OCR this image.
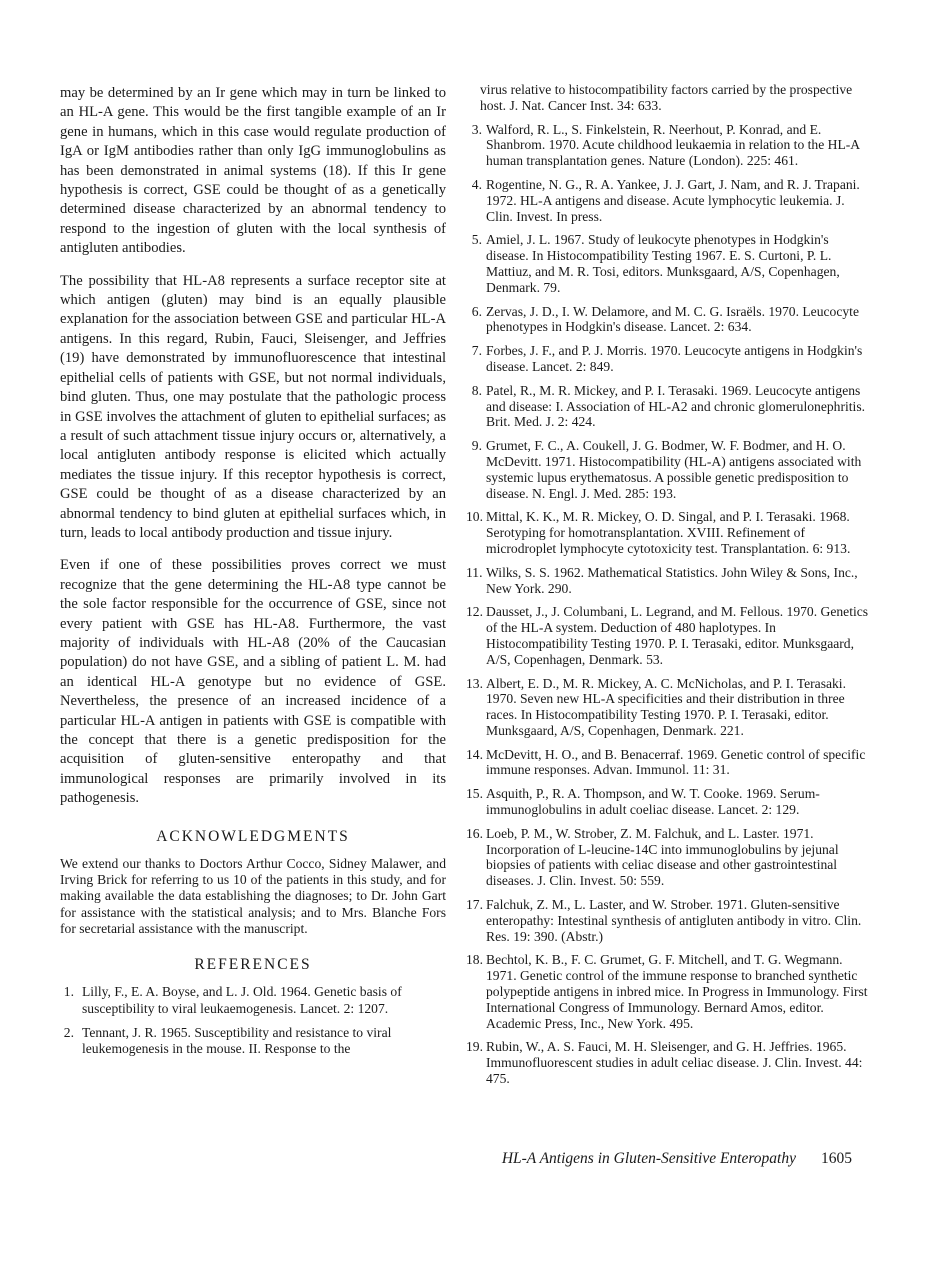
may be determined by an Ir gene which may in turn be linked to an HL-A gene. This would be the first tangible example of an Ir gene in humans, which in this case would regulate production of IgA or IgM antibodies rather than only IgG immunoglobulins as has been demonstrated in animal systems (18). If this Ir gene hypothesis is correct, GSE could be thought of as a genetically determined disease characterized by an abnormal tendency to respond to the ingestion of gluten with the local synthesis of antigluten antibodies.

The possibility that HL-A8 represents a surface receptor site at which antigen (gluten) may bind is an equally plausible explanation for the association between GSE and particular HL-A antigens. In this regard, Rubin, Fauci, Sleisenger, and Jeffries (19) have demonstrated by immunofluorescence that intestinal epithelial cells of patients with GSE, but not normal individuals, bind gluten. Thus, one may postulate that the pathologic process in GSE involves the attachment of gluten to epithelial surfaces; as a result of such attachment tissue injury occurs or, alternatively, a local antigluten antibody response is elicited which actually mediates the tissue injury. If this receptor hypothesis is correct, GSE could be thought of as a disease characterized by an abnormal tendency to bind gluten at epithelial surfaces which, in turn, leads to local antibody production and tissue injury.

Even if one of these possibilities proves correct we must recognize that the gene determining the HL-A8 type cannot be the sole factor responsible for the occurrence of GSE, since not every patient with GSE has HL-A8. Furthermore, the vast majority of individuals with HL-A8 (20% of the Caucasian population) do not have GSE, and a sibling of patient L. M. had an identical HL-A genotype but no evidence of GSE. Nevertheless, the presence of an increased incidence of a particular HL-A antigen in patients with GSE is compatible with the concept that there is a genetic predisposition for the acquisition of gluten-sensitive enteropathy and that immunological responses are primarily involved in its pathogenesis.

ACKNOWLEDGMENTS

We extend our thanks to Doctors Arthur Cocco, Sidney Malawer, and Irving Brick for referring to us 10 of the patients in this study, and for making available the data establishing the diagnoses; to Dr. John Gart for assistance with the statistical analysis; and to Mrs. Blanche Fors for secretarial assistance with the manuscript.

REFERENCES
1. Lilly, F., E. A. Boyse, and L. J. Old. 1964. Genetic basis of susceptibility to viral leukaemogenesis. Lancet. 2: 1207.
2. Tennant, J. R. 1965. Susceptibility and resistance to viral leukemogenesis in the mouse. II. Response to the

virus relative to histocompatibility factors carried by the prospective host. J. Nat. Cancer Inst. 34: 633.

3. Walford, R. L., S. Finkelstein, R. Neerhout, P. Konrad, and E. Shanbrom. 1970. Acute childhood leukaemia in relation to the HL-A human transplantation genes. Nature (London). 225: 461.
4. Rogentine, N. G., R. A. Yankee, J. J. Gart, J. Nam, and R. J. Trapani. 1972. HL-A antigens and disease. Acute lymphocytic leukemia. J. Clin. Invest. In press.
5. Amiel, J. L. 1967. Study of leukocyte phenotypes in Hodgkin's disease. In Histocompatibility Testing 1967. E. S. Curtoni, P. L. Mattiuz, and M. R. Tosi, editors. Munksgaard, A/S, Copenhagen, Denmark. 79.
6. Zervas, J. D., I. W. Delamore, and M. C. G. Israëls. 1970. Leucocyte phenotypes in Hodgkin's disease. Lancet. 2: 634.
7. Forbes, J. F., and P. J. Morris. 1970. Leucocyte antigens in Hodgkin's disease. Lancet. 2: 849.
8. Patel, R., M. R. Mickey, and P. I. Terasaki. 1969. Leucocyte antigens and disease: I. Association of HL-A2 and chronic glomerulonephritis. Brit. Med. J. 2: 424.
9. Grumet, F. C., A. Coukell, J. G. Bodmer, W. F. Bodmer, and H. O. McDevitt. 1971. Histocompatibility (HL-A) antigens associated with systemic lupus erythematosus. A possible genetic predisposition to disease. N. Engl. J. Med. 285: 193.
10. Mittal, K. K., M. R. Mickey, O. D. Singal, and P. I. Terasaki. 1968. Serotyping for homotransplantation. XVIII. Refinement of microdroplet lymphocyte cytotoxicity test. Transplantation. 6: 913.
11. Wilks, S. S. 1962. Mathematical Statistics. John Wiley & Sons, Inc., New York. 290.
12. Dausset, J., J. Columbani, L. Legrand, and M. Fellous. 1970. Genetics of the HL-A system. Deduction of 480 haplotypes. In Histocompatibility Testing 1970. P. I. Terasaki, editor. Munksgaard, A/S, Copenhagen, Denmark. 53.
13. Albert, E. D., M. R. Mickey, A. C. McNicholas, and P. I. Terasaki. 1970. Seven new HL-A specificities and their distribution in three races. In Histocompatibility Testing 1970. P. I. Terasaki, editor. Munksgaard, A/S, Copenhagen, Denmark. 221.
14. McDevitt, H. O., and B. Benacerraf. 1969. Genetic control of specific immune responses. Advan. Immunol. 11: 31.
15. Asquith, P., R. A. Thompson, and W. T. Cooke. 1969. Serum-immunoglobulins in adult coeliac disease. Lancet. 2: 129.
16. Loeb, P. M., W. Strober, Z. M. Falchuk, and L. Laster. 1971. Incorporation of L-leucine-14C into immunoglobulins by jejunal biopsies of patients with celiac disease and other gastrointestinal diseases. J. Clin. Invest. 50: 559.
17. Falchuk, Z. M., L. Laster, and W. Strober. 1971. Gluten-sensitive enteropathy: Intestinal synthesis of antigluten antibody in vitro. Clin. Res. 19: 390. (Abstr.)
18. Bechtol, K. B., F. C. Grumet, G. F. Mitchell, and T. G. Wegmann. 1971. Genetic control of the immune response to branched synthetic polypeptide antigens in inbred mice. In Progress in Immunology. First International Congress of Immunology. Bernard Amos, editor. Academic Press, Inc., New York. 495.
19. Rubin, W., A. S. Fauci, M. H. Sleisenger, and G. H. Jeffries. 1965. Immunofluorescent studies in adult celiac disease. J. Clin. Invest. 44: 475.
HL-A Antigens in Gluten-Sensitive Enteropathy	1605
